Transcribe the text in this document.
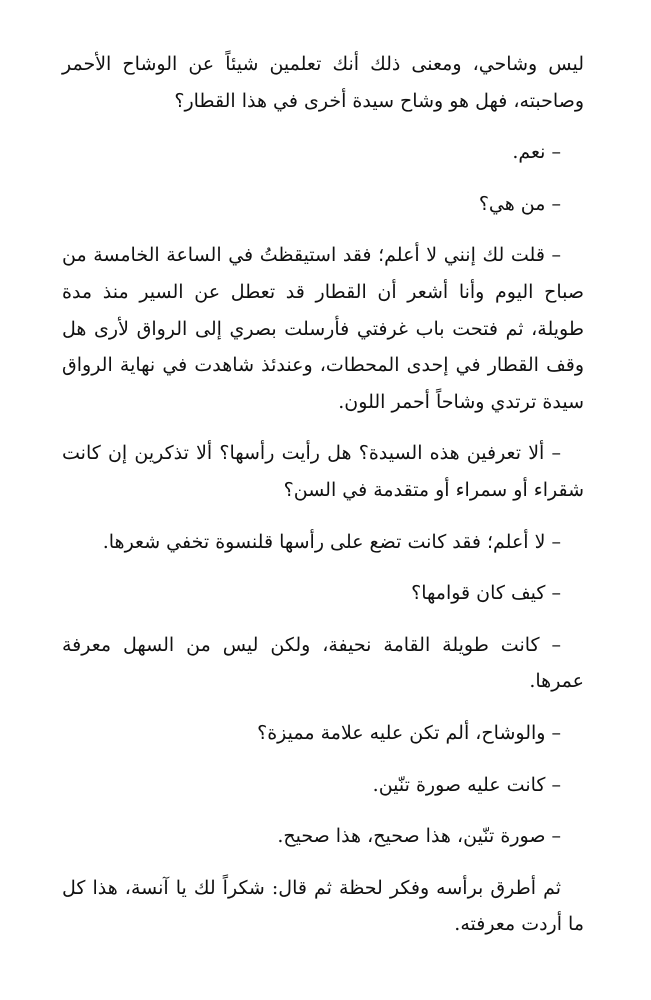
ليس وشاحي، ومعنى ذلك أنك تعلمين شيئاً عن الوشاح الأحمر وصاحبته، فهل هو وشاح سيدة أخرى في هذا القطار؟

– نعم.

– من هي؟

– قلت لك إنني لا أعلم؛ فقد استيقظتُ في الساعة الخامسة من صباح اليوم وأنا أشعر أن القطار قد تعطل عن السير منذ مدة طويلة، ثم فتحت باب غرفتي فأرسلت بصري إلى الرواق لأرى هل وقف القطار في إحدى المحطات، وعندئذ شاهدت في نهاية الرواق سيدة ترتدي وشاحاً أحمر اللون.

– ألا تعرفين هذه السيدة؟ هل رأيت رأسها؟ ألا تذكرين إن كانت شقراء أو سمراء أو متقدمة في السن؟

– لا أعلم؛ فقد كانت تضع على رأسها قلنسوة تخفي شعرها.

– كيف كان قوامها؟

– كانت طويلة القامة نحيفة، ولكن ليس من السهل معرفة عمرها.

– والوشاح، ألم تكن عليه علامة مميزة؟

– كانت عليه صورة تنّين.

– صورة تنّين، هذا صحيح، هذا صحيح.

ثم أطرق برأسه وفكر لحظة ثم قال: شكراً لك يا آنسة، هذا كل ما أردت معرفته.
